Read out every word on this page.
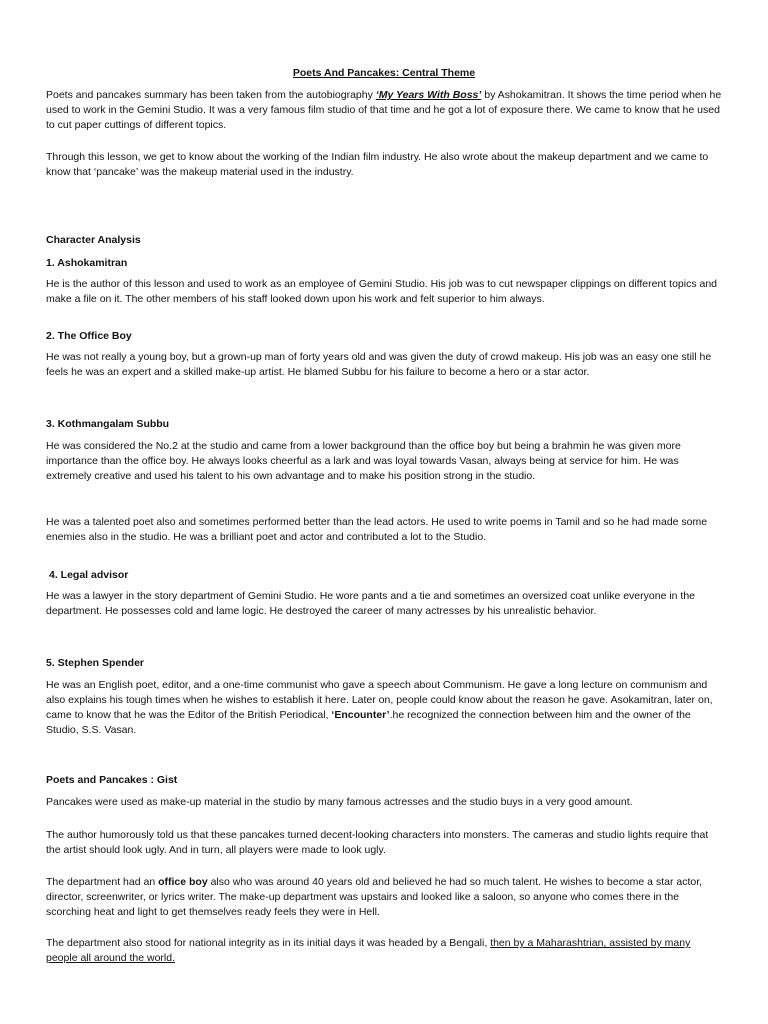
Poets And Pancakes: Central Theme

Poets and pancakes summary has been taken from the autobiography ‘My Years With Boss’ by Ashokamitran. It shows the time period when he used to work in the Gemini Studio. It was a very famous film studio of that time and he got a lot of exposure there. We came to know that he used to cut paper cuttings of different topics.

Through this lesson, we get to know about the working of the Indian film industry. He also wrote about the makeup department and we came to know that ‘pancake’ was the makeup material used in the industry.

Character Analysis

1. Ashokamitran

He is the author of this lesson and used to work as an employee of Gemini Studio. His job was to cut newspaper clippings on different topics and make a file on it. The other members of his staff looked down upon his work and felt superior to him always.

2. The Office Boy

He was not really a young boy, but a grown-up man of forty years old and was given the duty of crowd makeup. His job was an easy one still he feels he was an expert and a skilled make-up artist. He blamed Subbu for his failure to become a hero or a star actor.

3. Kothmangalam Subbu

He was considered the No.2 at the studio and came from a lower background than the office boy but being a brahmin he was given more importance than the office boy. He always looks cheerful as a lark and was loyal towards Vasan, always being at service for him. He was extremely creative and used his talent to his own advantage and to make his position strong in the studio.

He was a talented poet also and sometimes performed better than the lead actors. He used to write poems in Tamil and so he had made some enemies also in the studio. He was a brilliant poet and actor and contributed a lot to the Studio.

4. Legal advisor

He was a lawyer in the story department of Gemini Studio. He wore pants and a tie and sometimes an oversized coat unlike everyone in the department. He possesses cold and lame logic. He destroyed the career of many actresses by his unrealistic behavior.

5. Stephen Spender

He was an English poet, editor, and a one-time communist who gave a speech about Communism. He gave a long lecture on communism and also explains his tough times when he wishes to establish it here. Later on, people could know about the reason he gave. Asokamitran, later on, came to know that he was the Editor of the British Periodical, ‘Encounter’.he recognized the connection between him and the owner of the Studio, S.S. Vasan.

Poets and Pancakes : Gist

Pancakes were used as make-up material in the studio by many famous actresses and the studio buys in a very good amount.

The author humorously told us that these pancakes turned decent-looking characters into monsters. The cameras and studio lights require that the artist should look ugly. And in turn, all players were made to look ugly.

The department had an office boy also who was around 40 years old and believed he had so much talent. He wishes to become a star actor, director, screenwriter, or lyrics writer. The make-up department was upstairs and looked like a saloon, so anyone who comes there in the scorching heat and light to get themselves ready feels they were in Hell.

The department also stood for national integrity as in its initial days it was headed by a Bengali, then by a Maharashtrian, assisted by many people all around the world.
